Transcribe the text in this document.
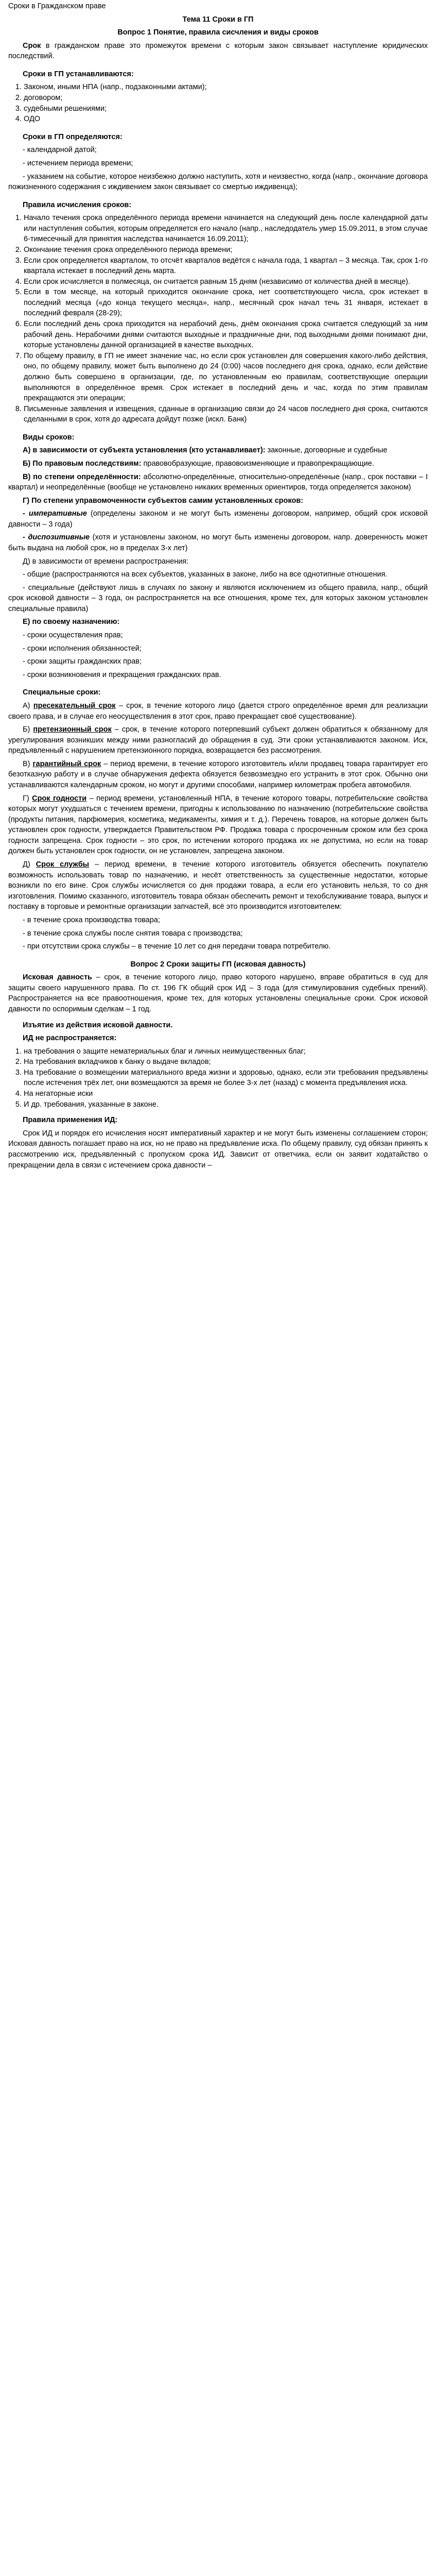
Сроки в Гражданском праве

Тема 11 Сроки в ГП

Вопрос 1 Понятие, правила сисчления и виды сроков

Срок в гражданском праве это промежуток времени с которым закон связывает наступление юридических последствий.

Сроки в ГП устанавливаются:

1. Законом, иными НПА (напр., подзаконными актами);
2. договором;
3. судебными решениями;
4. ОДО

Сроки в ГП определяются:

- календарной датой;

- истечением периода времени;

- указанием на событие, которое неизбежно должно наступить, хотя и неизвестно, когда (напр., окончание договора пожизненного содержания с иждивением закон связывает со смертью иждивенца);

Правила исчисления сроков:

1. Начало течения срока определённого периода времени начинается на следующий день после календарной даты или наступления события, которым определяется его начало (напр., наследодатель умер 15.09.2011, в этом случае 6-тимесечный для принятия наследства начинается 16.09.2011);
2. Окончание течения срока определённого периода времени;
3. Если срок определяется кварталом, то отсчёт кварталов ведётся с начала года, 1 квартал – 3 месяца. Так, срок 1-го квартала истекает в последний день марта.
4. Если срок исчисляется в полмесяца, он считается равным 15 дням (независимо от количества дней в месяце).
5. Если в том месяце, на который приходится окончание срока, нет соответствующего числа, срок истекает в последний месяца («до конца текущего месяца», напр., месячный срок начал течь 31 января, истекает в последний февраля (28-29);
6. Если последний день срока приходится на нерабочий день, днём окончания срока считается следующий за ним рабочий день. Нерабочими днями считаются выходные и праздничные дни, под выходными днями понимают дни, которые установлены данной организацией в качестве выходных.
7. По общему правилу, в ГП не имеет значение час, но если срок установлен для совершения какого-либо действия, оно, по общему правилу, может быть выполнено до 24 (0:00) часов последнего дня срока, однако, если действие должно быть совершено в организации, где, по установленным ею правилам, соответствующие операции выполняются в определённое время. Срок истекает в последний день и час, когда по этим правилам прекращаются эти операции;
8. Письменные заявления и извещения, сданные в организацию связи до 24 часов последнего дня срока, считаются сделанными в срок, хотя до адресата дойдут позже (искл. Банк)

Виды сроков:

А) в зависимости от субъекта установления (кто устанавливает): законные, договорные и судебные

Б) По правовым последствиям: правовобразующие, правовоизменяющие и правопрекращающие.

В) по степени определённости: абсолютно-определённые, относительно-определённые (напр., срок поставки – I квартал) и неопределённые (вообще не установлено никаких временных ориентиров, тогда определяется законом)

Г) По степени управомоченности субъектов самим установленных сроков:

- императивные (определены законом и не могут быть изменены договором, например, общий срок исковой давности – 3 года)

- диспозитивные (хотя и установлены законом, но могут быть изменены договором, напр. доверенность может быть выдана на любой срок, но в пределах 3-х лет)

Д) в зависимости от времени распространения:

- общие (распространяются на всех субъектов, указанных в законе, либо на все однотипные отношения.

- специальные (действуют лишь в случаях по закону и являются исключением из общего правила, напр., общий срок исковой давности – 3 года, он распространяется на все отношения, кроме тех, для которых законом установлен специальные правила)

Е) по своему назначению:

- сроки осуществления прав;

- сроки исполнения обязанностей;

- сроки защиты гражданских прав;

- сроки возникновения и прекращения гражданских прав.

Специальные сроки:

А) пресекательный срок – срок, в течение которого лицо (дается строго определённое время для реализации своего права, и в случае его неосуществления в этот срок, право прекращает своё существование).

Б) претензионный срок – срок, в течение которого потерпевший субъект должен обратиться к обязанному для урегулирования возникших между ними разногласий до обращения в суд. Эти сроки устанавливаются законом. Иск, предъявленный с нарушением претензионного порядка, возвращается без рассмотрения.

В) гарантийный срок – период времени, в течение которого изготовитель и/или продавец товара гарантирует его безотказную работу и в случае обнаружения дефекта обязуется безвозмездно его устранить в этот срок. Обычно они устанавливаются календарным сроком, но могут и другими способами, например километраж пробега автомобиля.

Г) Срок годности – период времени, установленный НПА, в течение которого товары, потребительские свойства которых могут ухудшаться с течением времени, пригодны к использованию по назначению (потребительские свойства (продукты питания, парфюмерия, косметика, медикаменты, химия и т. д.). Перечень товаров, на которые должен быть установлен срок годности, утверждается Правительством РФ. Продажа товара с просроченным сроком или без срока годности запрещена. Срок годности – это срок, по истечении которого продажа их не допустима, но если на товар должен быть установлен срок годности, он не установлен, запрещена законом.

Д) Срок службы – период времени, в течение которого изготовитель обязуется обеспечить покупателю возможность использовать товар по назначению, и несёт ответственность за существенные недостатки, которые возникли по его вине. Срок службы исчисляется со дня продажи товара, а если его установить нельзя, то со дня изготовления. Помимо сказанного, изготовитель товара обязан обеспечить ремонт и техобслуживание товара, выпуск и поставку в торговые и ремонтные организации запчастей, всё это производится изготовителем:

- в течение срока производства товара;

- в течение срока службы после снятия товара с производства;

- при отсутствии срока службы – в течение 10 лет со дня передачи товара потребителю.

Вопрос 2 Сроки защиты ГП (исковая давность)

Исковая давность – срок, в течение которого лицо, право которого нарушено, вправе обратиться в суд для защиты своего нарушенного права. По ст. 196 ГК общий срок ИД – 3 года (для стимулирования судебных прений). Распространяется на все правоотношения, кроме тех, для которых установлены специальные сроки. Срок исковой давности по оспоримым сделкам – 1 год.

Изъятие из действия исковой давности.

ИД не распространяется:

1. на требования о защите нематериальных благ и личных неимущественных благ;
2. На требования вкладчиков к банку о выдаче вкладов;
3. На требование о возмещении материального вреда жизни и здоровью, однако, если эти требования предъявлены после истечения трёх лет, они возмещаются за время не более 3-х лет (назад) с момента предъявления иска.
4. На негаторные иски
5. И др. требования, указанные в законе.

Правила применения ИД:

Срок ИД и порядок его исчисления носят императивный характер и не могут быть изменены соглашением сторон; Исковая давность погашает право на иск, но не право на предъявление иска. По общему правилу, суд обязан принять к рассмотрению иск, предъявленный с пропуском срока ИД. Зависит от ответчика, если он заявит ходатайство о прекращении дела в связи с истечением срока давности –
